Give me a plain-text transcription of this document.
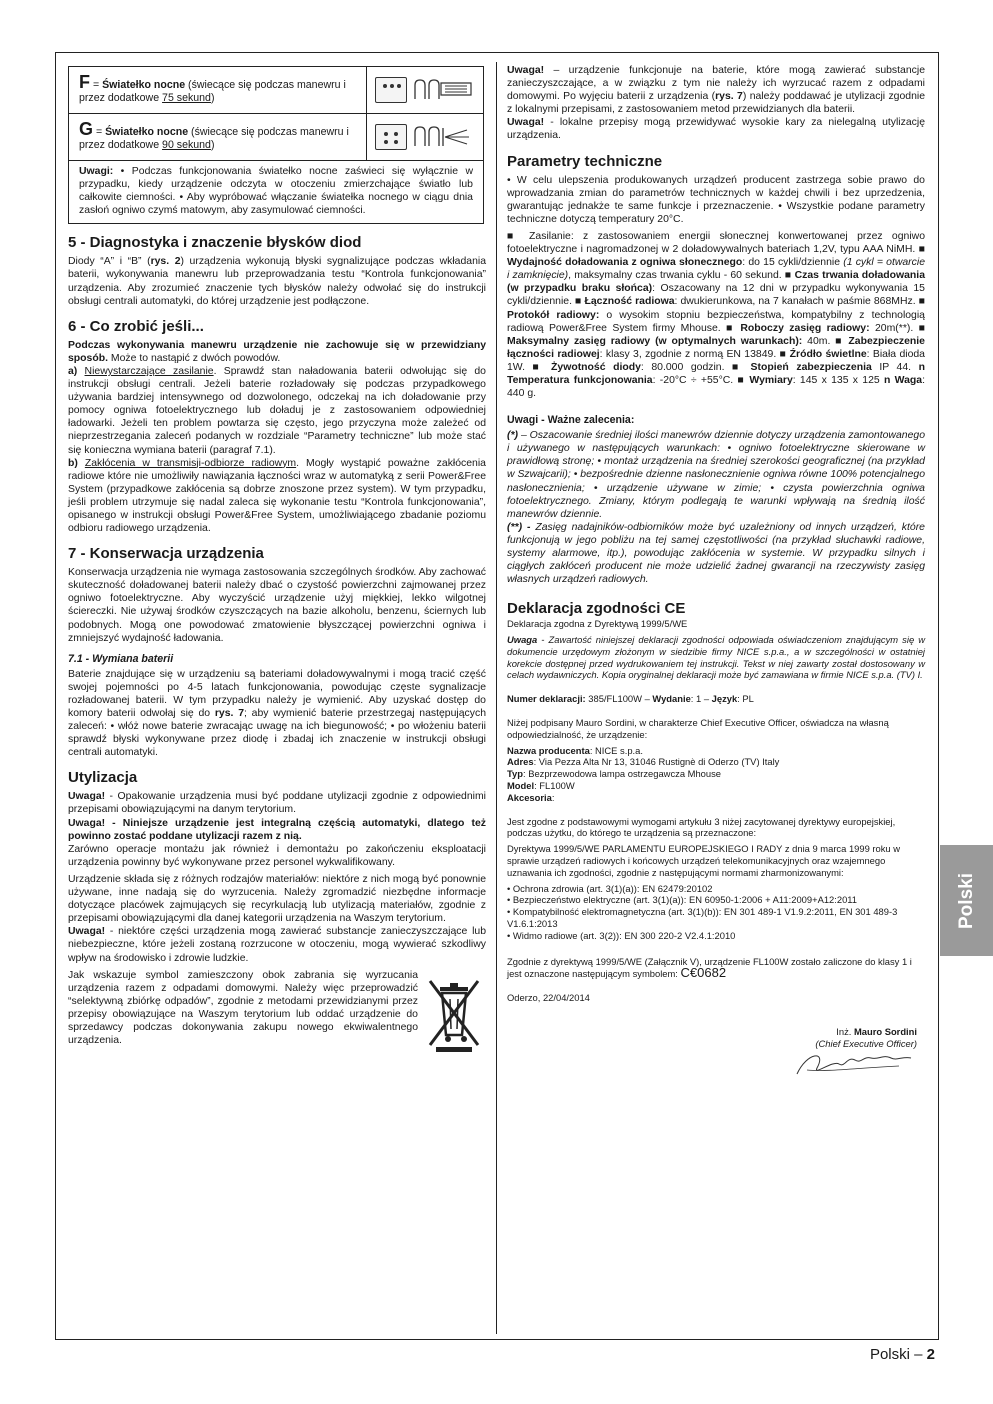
F = Światełko nocne (świecące się podczas manewru i przez dodatkowe 75 sekund)	

G = Światełko nocne (świecące się podczas manewru i przez dodatkowe 90 sekund)	

Uwagi: • Podczas funkcjonowania światełko nocne zaświeci się wyłącznie w przypadku, kiedy urządzenie odczyta w otoczeniu zmierzchające światło lub całkowite ciemności. • Aby wypróbować włączanie światełka nocnego w ciągu dnia zasłoń ogniwo czymś matowym, aby zasymulować ciemności.	
5 - Diagnostyka i znaczenie błysków diod

Diody “A” i “B” (rys. 2) urządzenia wykonują błyski sygnalizujące podczas wkładania baterii, wykonywania manewru lub przeprowadzania testu “Kontrola funkcjonowania” urządzenia. Aby zrozumieć znaczenie tych błysków należy odwołać się do instrukcji obsługi centrali automatyki, do której urządzenie jest podłączone.

6 - Co zrobić jeśli...

Podczas wykonywania manewru urządzenie nie zachowuje się w przewidziany sposób. Może to nastąpić z dwóch powodów.

a) Niewystarczające zasilanie. Sprawdź stan naładowania baterii odwołując się do instrukcji obsługi centrali. Jeżeli baterie rozładowały się podczas przypadkowego używania bardziej intensywnego od dozwolonego, odczekaj na ich doładowanie przy pomocy ogniwa fotoelektrycznego lub doładuj je z zastosowaniem odpowiedniej ładowarki. Jeżeli ten problem powtarza się często, jego przyczyna może zależeć od nieprzestrzegania zaleceń podanych w rozdziale “Parametry techniczne” lub może stać się konieczna wymiana baterii (paragraf 7.1).

b) Zakłócenia w transmisji-odbiorze radiowym. Mogły wystąpić poważne zakłócenia radiowe które nie umożliwiły nawiązania łączności wraz w automatyką z serii Power&Free System (przypadkowe zakłócenia są dobrze znoszone przez system). W tym przypadku, jeśli problem utrzymuje się nadal zaleca się wykonanie testu “Kontrola funkcjonowania”, opisanego w instrukcji obsługi Power&Free System, umożliwiającego zbadanie poziomu odbioru radiowego urządzenia.

7 - Konserwacja urządzenia

Konserwacja urządzenia nie wymaga zastosowania szczególnych środków. Aby zachować skuteczność doładowanej baterii należy dbać o czystość powierzchni zajmowanej przez ogniwo fotoelektryczne. Aby wyczyścić urządzenie użyj miękkiej, lekko wilgotnej ściereczki. Nie używaj środków czyszczących na bazie alkoholu, benzenu, ściernych lub podobnych. Mogą one powodować zmatowienie błyszczącej powierzchni ogniwa i zmniejszyć wydajność ładowania.

7.1 - Wymiana baterii

Baterie znajdujące się w urządzeniu są bateriami doładowywalnymi i mogą tracić część swojej pojemności po 4-5 latach funkcjonowania, powodując częste sygnalizacje rozładowanej baterii. W tym przypadku należy je wymienić. Aby uzyskać dostęp do komory baterii odwołaj się do rys. 7; aby wymienić baterie przestrzegaj następujących zaleceń: • włóż nowe baterie zwracając uwagę na ich biegunowość; • po włożeniu baterii sprawdź błyski wykonywane przez diodę i zbadaj ich znaczenie w instrukcji obsługi centrali automatyki.

Utylizacja

Uwaga! - Opakowanie urządzenia musi być poddane utylizacji zgodnie z odpowiednimi przepisami obowiązującymi na danym terytorium.

Uwaga! - Niniejsze urządzenie jest integralną częścią automatyki, dlatego też powinno zostać poddane utylizacji razem z nią.

Zarówno operacje montażu jak również i demontażu po zakończeniu eksploatacji urządzenia powinny być wykonywane przez personel wykwalifikowany.

Urządzenie składa się z różnych rodzajów materiałów: niektóre z nich mogą być ponownie używane, inne nadają się do wyrzucenia. Należy zgromadzić niezbędne informacje dotyczące placówek zajmujących się recyrkulacją lub utylizacją materiałów, zgodnie z przepisami obowiązującymi dla danej kategorii urządzenia na Waszym terytorium.

Uwaga! - niektóre części urządzenia mogą zawierać substancje zanieczyszczające lub niebezpieczne, które jeżeli zostaną rozrzucone w otoczeniu, mogą wywierać szkodliwy wpływ na środowisko i zdrowie ludzkie.

Jak wskazuje symbol zamieszczony obok zabrania się wyrzucania urządzenia razem z odpadami domowymi. Należy więc przeprowadzić “selektywną zbiórkę odpadów”, zgodnie z metodami przewidzianymi przez przepisy obowiązujące na Waszym terytorium lub oddać urządzenie do sprzedawcy podczas dokonywania zakupu nowego ekwiwalentnego urządzenia.

Uwaga! – urządzenie funkcjonuje na baterie, które mogą zawierać substancje zanieczyszczające, a w związku z tym nie należy ich wyrzucać razem z odpadami domowymi. Po wyjęciu baterii z urządzenia (rys. 7) należy poddawać je utylizacji zgodnie z lokalnymi przepisami, z zastosowaniem metod przewidzianych dla baterii.

Uwaga! - lokalne przepisy mogą przewidywać wysokie kary za nielegalną utylizację urządzenia.

Parametry techniczne

• W celu ulepszenia produkowanych urządzeń producent zastrzega sobie prawo do wprowadzania zmian do parametrów technicznych w każdej chwili i bez uprzedzenia, gwarantując jednakże te same funkcje i przeznaczenie. • Wszystkie podane parametry techniczne dotyczą temperatury 20°C.

■ Zasilanie: z zastosowaniem energii słonecznej konwertowanej przez ogniwo fotoelektryczne i nagromadzonej w 2 doładowywalnych bateriach 1,2V, typu AAA NiMH. ■ Wydajność doładowania z ogniwa słonecznego: do 15 cykli/dziennie (1 cykl = otwarcie i zamknięcie), maksymalny czas trwania cyklu - 60 sekund. ■ Czas trwania doładowania (w przypadku braku słońca): Oszacowany na 12 dni w przypadku wykonywania 15 cykli/dziennie. ■ Łączność radiowa: dwukierunkowa, na 7 kanałach w paśmie 868MHz. ■ Protokół radiowy: o wysokim stopniu bezpieczeństwa, kompatybilny z technologią radiową Power&Free System firmy Mhouse. ■ Roboczy zasięg radiowy: 20m(**). ■ Maksymalny zasięg radiowy (w optymalnych warunkach): 40m. ■ Zabezpieczenie łączności radiowej: klasy 3, zgodnie z normą EN 13849. ■ Źródło świetlne: Biała dioda 1W. ■ Żywotność diody: 80.000 godzin. ■ Stopień zabezpieczenia IP 44. n Temperatura funkcjonowania: -20°C ÷ +55°C. ■ Wymiary: 145 x 135 x 125 n Waga: 440 g.

Uwagi - Ważne zalecenia:

(*) – Oszacowanie średniej ilości manewrów dziennie dotyczy urządzenia zamontowanego i używanego w następujących warunkach: • ogniwo fotoelektryczne skierowane w prawidłową stronę; • montaż urządzenia na średniej szerokości geograficznej (na przykład w Szwajcarii); • bezpośrednie dzienne nasłonecznienie ogniwa równe 100% potencjalnego nasłonecznienia; • urządzenie używane w zimie; • czysta powierzchnia ogniwa fotoelektrycznego. Zmiany, którym podlegają te warunki wpływają na średnią ilość manewrów dziennie.

(**) - Zasięg nadajników-odbiorników może być uzależniony od innych urządzeń, które funkcjonują w jego pobliżu na tej samej częstotliwości (na przykład słuchawki radiowe, systemy alarmowe, itp.), powodując zakłócenia w systemie. W przypadku silnych i ciągłych zakłóceń producent nie może udzielić żadnej gwarancji na rzeczywisty zasięg własnych urządzeń radiowych.

Deklaracja zgodności CE

Deklaracja zgodna z Dyrektywą 1999/5/WE

Uwaga - Zawartość niniejszej deklaracji zgodności odpowiada oświadczeniom znajdującym się w dokumencie urzędowym złożonym w siedzibie firmy NICE s.p.a., a w szczególności w ostatniej korekcie dostępnej przed wydrukowaniem tej instrukcji. Tekst w niej zawarty został dostosowany w celach wydawniczych. Kopia oryginalnej deklaracji może być zamawiana w firmie NICE s.p.a. (TV) I.

Numer deklaracji: 385/FL100W – Wydanie: 1 – Język: PL

Niżej podpisany Mauro Sordini, w charakterze Chief Executive Officer, oświadcza na własną odpowiedzialność, że urządzenie:

Nazwa producenta: NICE s.p.a.

Adres: Via Pezza Alta Nr 13, 31046 Rustignè di Oderzo (TV) Italy

Typ: Bezprzewodowa lampa ostrzegawcza Mhouse

Model: FL100W

Akcesoria:

Jest zgodne z podstawowymi wymogami artykułu 3 niżej zacytowanej dyrektywy europejskiej, podczas użytku, do którego te urządzenia są przeznaczone:

Dyrektywa 1999/5/WE PARLAMENTU EUROPEJSKIEGO I RADY z dnia 9 marca 1999 roku w sprawie urządzeń radiowych i końcowych urządzeń telekomunikacyjnych oraz wzajemnego uznawania ich zgodności, zgodnie z następującymi normami zharmonizowanymi:

• Ochrona zdrowia (art. 3(1)(a)): EN 62479:20102

• Bezpieczeństwo elektryczne (art. 3(1)(a)): EN 60950-1:2006 + A11:2009+A12:2011

• Kompatybilność elektromagnetyczna (art. 3(1)(b)): EN 301 489-1 V1.9.2:2011, EN 301 489-3 V1.6.1:2013

• Widmo radiowe (art. 3(2)): EN 300 220-2 V2.4.1:2010

Zgodnie z dyrektywą 1999/5/WE (Załącznik V), urządzenie FL100W zostało zaliczone do klasy 1 i jest oznaczone następującym symbolem: C€0682

Oderzo, 22/04/2014

Inż. Mauro Sordini
(Chief Executive Officer)
Polski
Polski – 2
